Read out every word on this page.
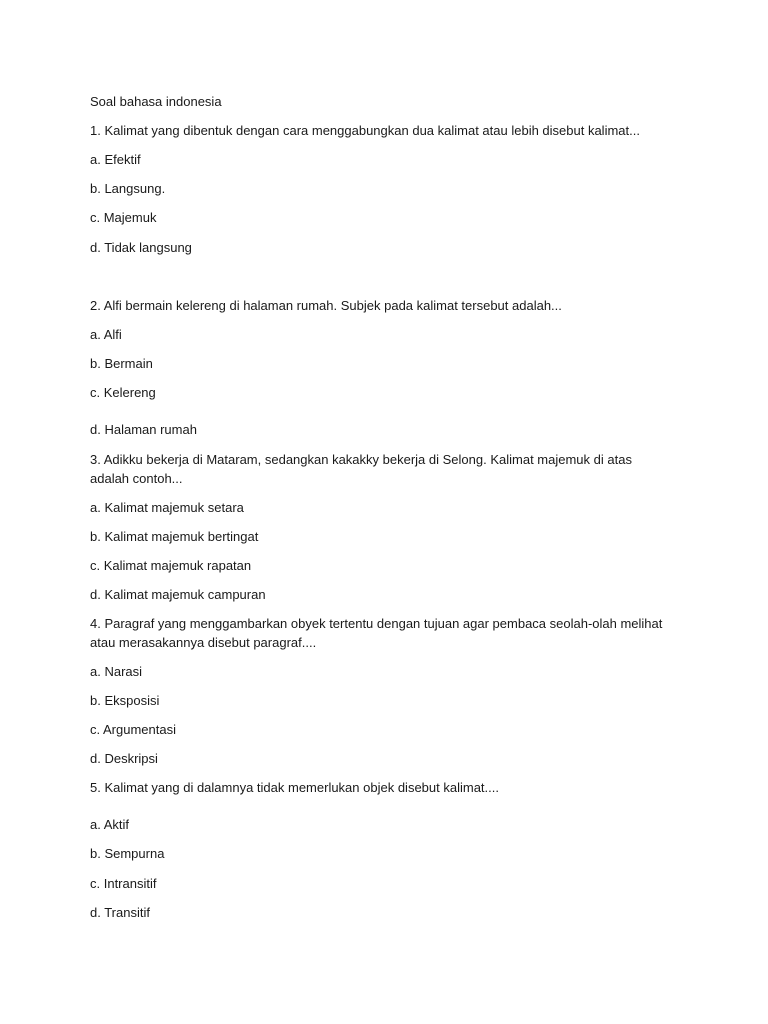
Soal bahasa indonesia
1. Kalimat yang dibentuk dengan cara menggabungkan dua kalimat atau lebih disebut kalimat...
a. Efektif
b. Langsung.
c. Majemuk
d. Tidak langsung
2. Alfi bermain kelereng di halaman rumah. Subjek pada kalimat tersebut adalah...
a. Alfi
b. Bermain
c. Kelereng
d. Halaman rumah
3. Adikku bekerja di Mataram, sedangkan kakakky bekerja di Selong. Kalimat majemuk di atas adalah contoh...
a. Kalimat majemuk setara
b. Kalimat majemuk bertingat
c. Kalimat majemuk rapatan
d. Kalimat majemuk campuran
4. Paragraf yang menggambarkan obyek tertentu dengan tujuan agar pembaca seolah-olah melihat atau merasakannya disebut paragraf....
a. Narasi
b. Eksposisi
c. Argumentasi
d. Deskripsi
5. Kalimat yang di dalamnya tidak memerlukan objek disebut kalimat....
a. Aktif
b. Sempurna
c. Intransitif
d. Transitif
